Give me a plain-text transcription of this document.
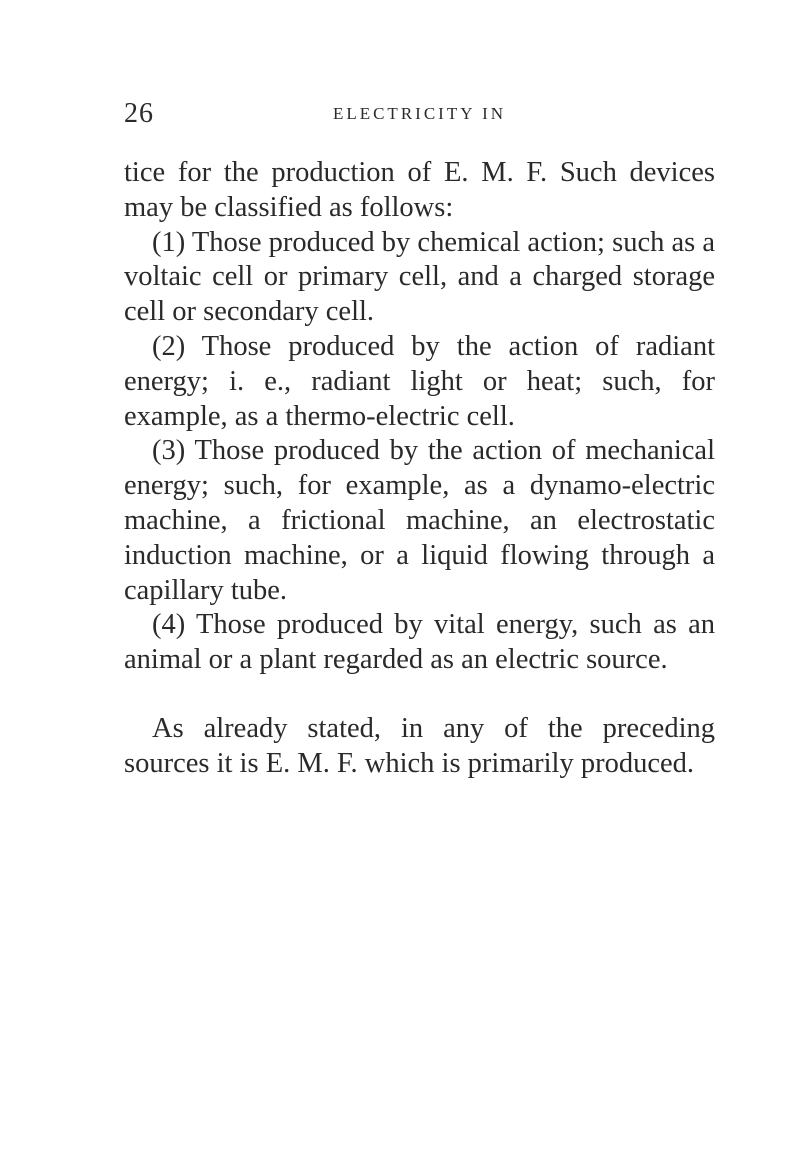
26	ELECTRICITY IN

tice for the production of E. M. F. Such devices may be classified as follows:

(1) Those produced by chemical action; such as a voltaic cell or primary cell, and a charged storage cell or secondary cell.

(2) Those produced by the action of radiant energy; i. e., radiant light or heat; such, for example, as a thermo-electric cell.

(3) Those produced by the action of mechanical energy; such, for example, as a dynamo-electric machine, a frictional machine, an electrostatic induction machine, or a liquid flowing through a capillary tube.

(4) Those produced by vital energy, such as an animal or a plant regarded as an electric source.

As already stated, in any of the preceding sources it is E. M. F. which is primarily produced.
